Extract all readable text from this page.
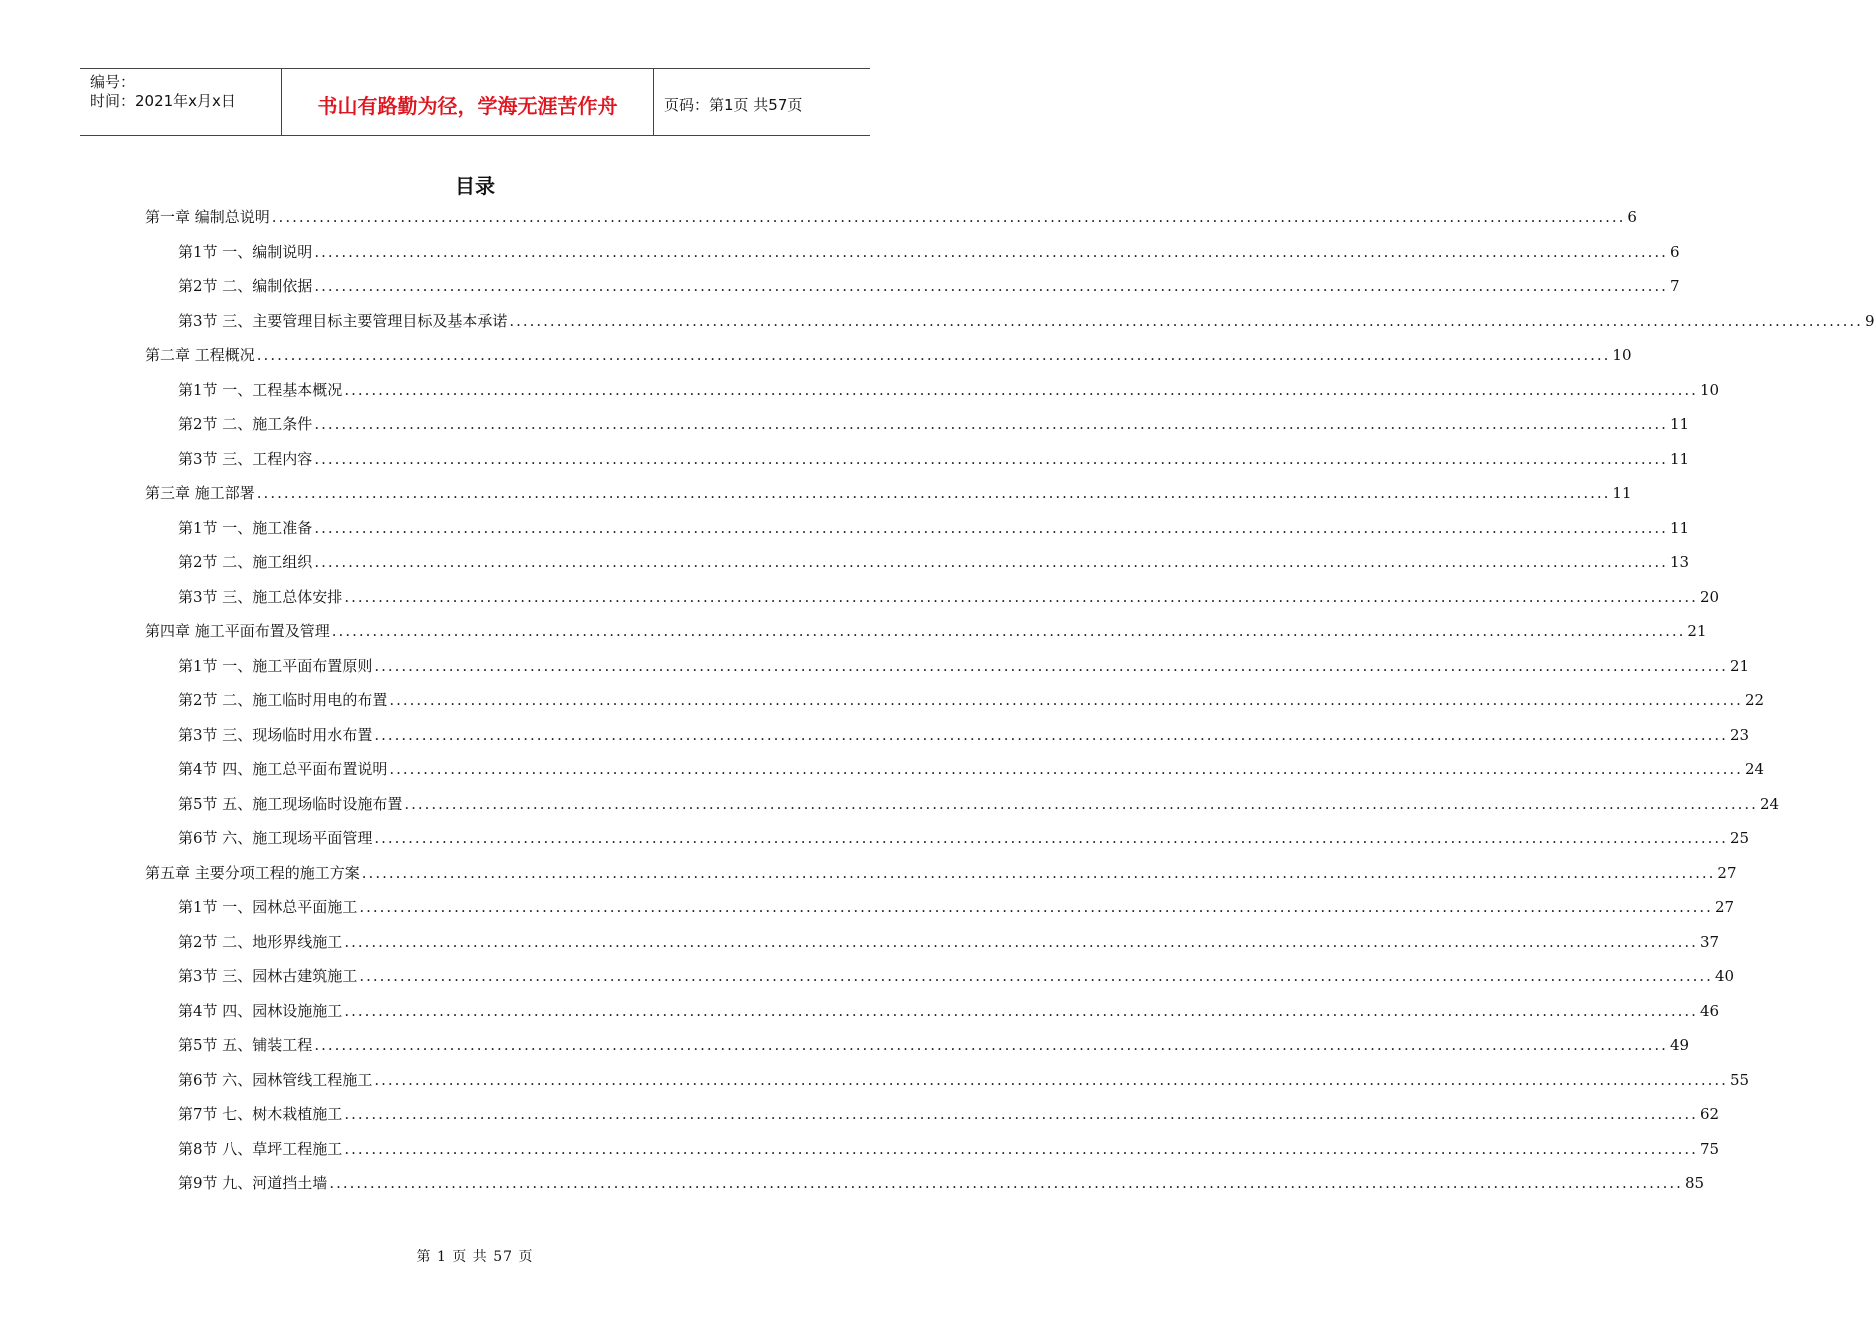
编号：
时间：2021年x月x日	书山有路勤为径，学海无涯苦作舟	页码：第1页 共57页
目录
第一章 编制总说明 ........................................................................................................................................................................................................ 6
第1节 一、编制说明 ........................................................................................................................................................................................................ 6
第2节 二、编制依据 ........................................................................................................................................................................................................ 7
第3节 三、主要管理目标主要管理目标及基本承诺 ........................................................................................................................................................................................................ 9
第二章 工程概况 ........................................................................................................................................................................................................ 10
第1节 一、工程基本概况 ........................................................................................................................................................................................................ 10
第2节 二、施工条件 ........................................................................................................................................................................................................ 11
第3节 三、工程内容 ........................................................................................................................................................................................................ 11
第三章 施工部署 ........................................................................................................................................................................................................ 11
第1节 一、施工准备 ........................................................................................................................................................................................................ 11
第2节 二、施工组织 ........................................................................................................................................................................................................ 13
第3节 三、施工总体安排 ........................................................................................................................................................................................................ 20
第四章 施工平面布置及管理 ........................................................................................................................................................................................................ 21
第1节 一、施工平面布置原则 ........................................................................................................................................................................................................ 21
第2节 二、施工临时用电的布置 ........................................................................................................................................................................................................ 22
第3节 三、现场临时用水布置 ........................................................................................................................................................................................................ 23
第4节 四、施工总平面布置说明 ........................................................................................................................................................................................................ 24
第5节 五、施工现场临时设施布置 ........................................................................................................................................................................................................ 24
第6节 六、施工现场平面管理 ........................................................................................................................................................................................................ 25
第五章 主要分项工程的施工方案 ........................................................................................................................................................................................................ 27
第1节 一、园林总平面施工 ........................................................................................................................................................................................................ 27
第2节 二、地形界线施工 ........................................................................................................................................................................................................ 37
第3节 三、园林古建筑施工 ........................................................................................................................................................................................................ 40
第4节 四、园林设施施工 ........................................................................................................................................................................................................ 46
第5节 五、铺装工程 ........................................................................................................................................................................................................ 49
第6节 六、园林管线工程施工 ........................................................................................................................................................................................................ 55
第7节 七、树木栽植施工 ........................................................................................................................................................................................................ 62
第8节 八、草坪工程施工 ........................................................................................................................................................................................................ 75
第9节 九、河道挡土墙 ........................................................................................................................................................................................................ 85
第 1 页 共 57 页
